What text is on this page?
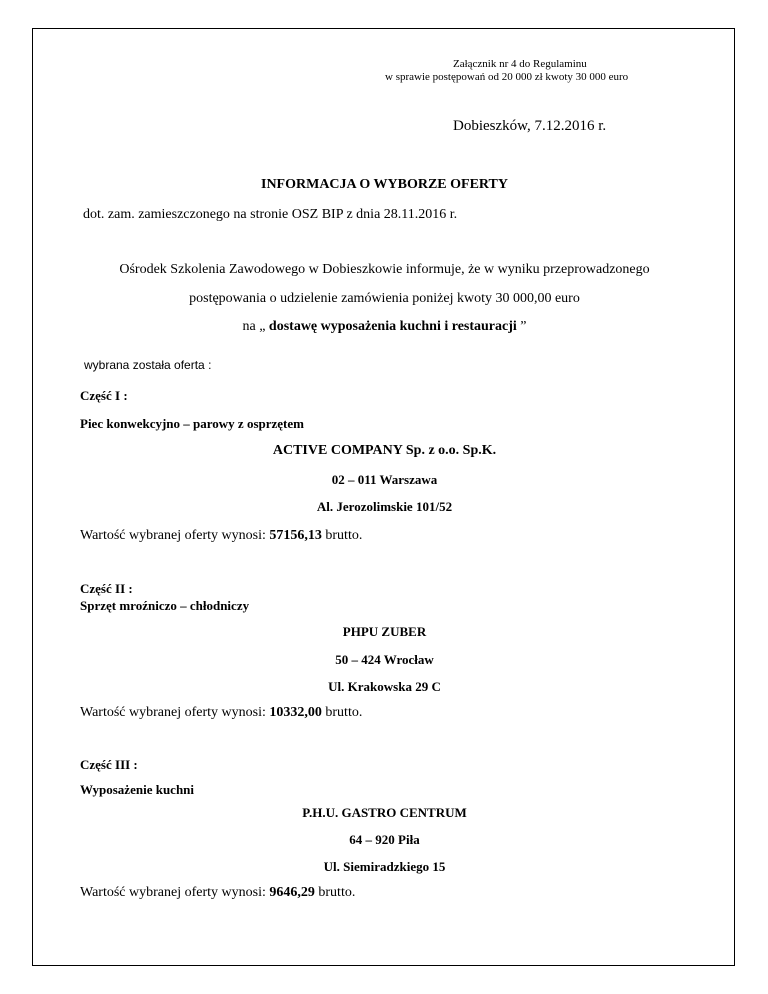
Załącznik nr 4 do Regulaminu
w sprawie postępowań od 20 000 zł kwoty 30 000 euro
Dobieszków, 7.12.2016 r.
INFORMACJA O WYBORZE OFERTY
dot. zam. zamieszczonego na stronie OSZ BIP z dnia 28.11.2016 r.
Ośrodek Szkolenia Zawodowego w Dobieszkowie informuje, że w wyniku przeprowadzonego
postępowania o udzielenie zamówienia poniżej kwoty 30 000,00 euro
na „ dostawę wyposażenia kuchni i restauracji ”
wybrana została oferta :
Część I :
Piec konwekcyjno – parowy z osprzętem
ACTIVE COMPANY Sp. z o.o. Sp.K.
02 – 011 Warszawa
Al. Jerozolimskie 101/52
Wartość wybranej oferty wynosi: 57156,13 brutto.
Część II :
Sprzęt mroźniczo – chłodniczy
PHPU ZUBER
50 – 424 Wrocław
Ul. Krakowska 29 C
Wartość wybranej oferty wynosi: 10332,00 brutto.
Część III :
Wyposażenie kuchni
P.H.U. GASTRO CENTRUM
64 – 920 Piła
Ul. Siemiradzkiego 15
Wartość wybranej oferty wynosi: 9646,29 brutto.
